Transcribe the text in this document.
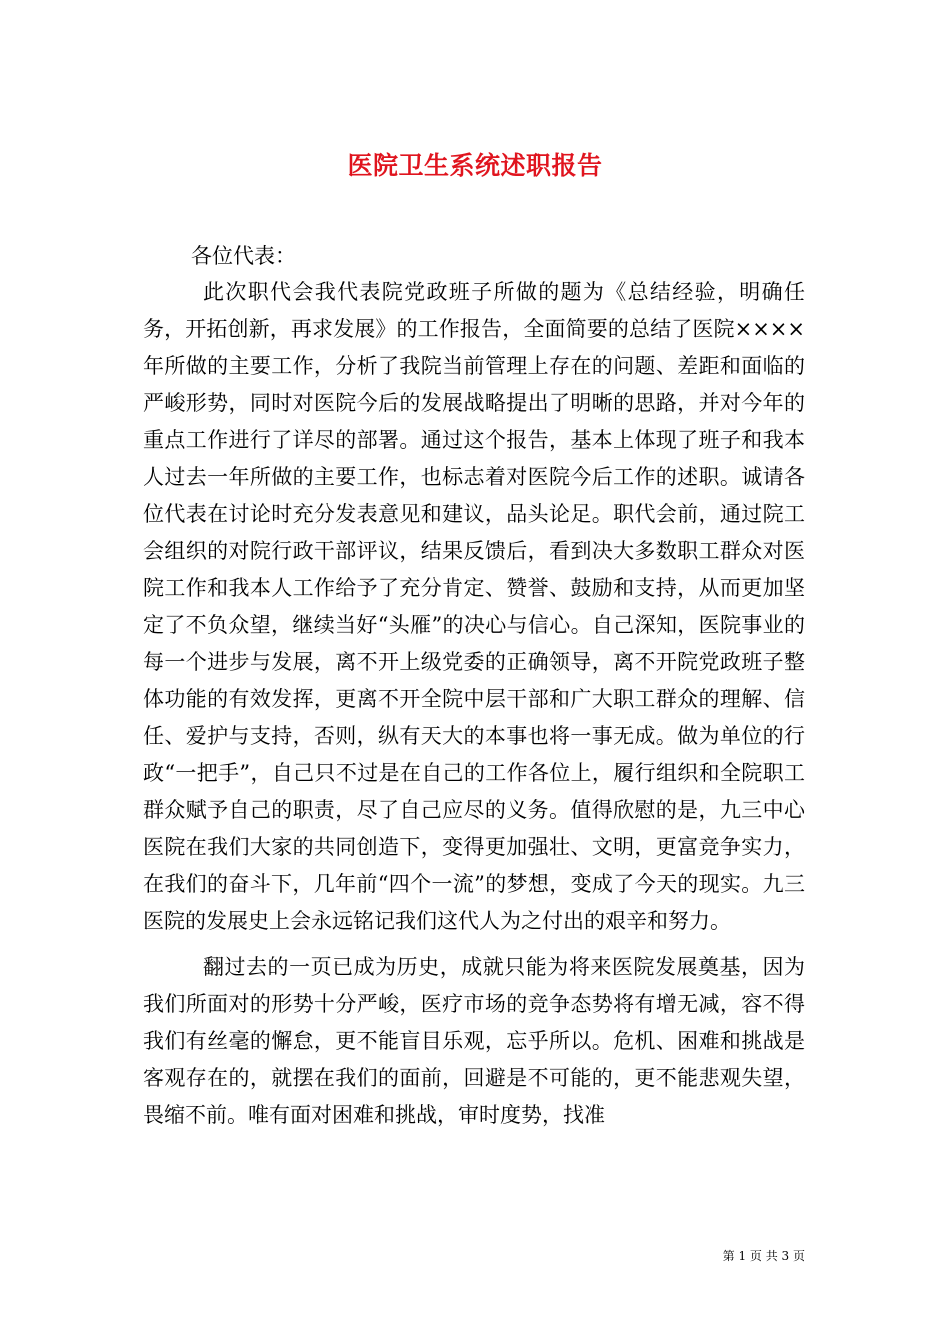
医院卫生系统述职报告

各位代表：

此次职代会我代表院党政班子所做的题为《总结经验，明确任务，开拓创新，再求发展》的工作报告，全面简要的总结了医院××××年所做的主要工作，分析了我院当前管理上存在的问题、差距和面临的严峻形势，同时对医院今后的发展战略提出了明晰的思路，并对今年的重点工作进行了详尽的部署。通过这个报告，基本上体现了班子和我本人过去一年所做的主要工作，也标志着对医院今后工作的述职。诚请各位代表在讨论时充分发表意见和建议，品头论足。职代会前，通过院工会组织的对院行政干部评议，结果反馈后，看到决大多数职工群众对医院工作和我本人工作给予了充分肯定、赞誉、鼓励和支持，从而更加坚定了不负众望，继续当好“头雁”的决心与信心。自己深知，医院事业的每一个进步与发展，离不开上级党委的正确领导，离不开院党政班子整体功能的有效发挥，更离不开全院中层干部和广大职工群众的理解、信任、爱护与支持，否则，纵有天大的本事也将一事无成。做为单位的行政“一把手”，自己只不过是在自己的工作各位上，履行组织和全院职工群众赋予自己的职责，尽了自己应尽的义务。值得欣慰的是，九三中心医院在我们大家的共同创造下，变得更加强壮、文明，更富竞争实力，在我们的奋斗下，几年前“四个一流”的梦想，变成了今天的现实。九三医院的发展史上会永远铭记我们这代人为之付出的艰辛和努力。

翻过去的一页已成为历史，成就只能为将来医院发展奠基，因为我们所面对的形势十分严峻，医疗市场的竞争态势将有增无减，容不得我们有丝毫的懈怠，更不能盲目乐观，忘乎所以。危机、困难和挑战是客观存在的，就摆在我们的面前，回避是不可能的，更不能悲观失望，畏缩不前。唯有面对困难和挑战，审时度势，找准

第 1 页 共 3 页
